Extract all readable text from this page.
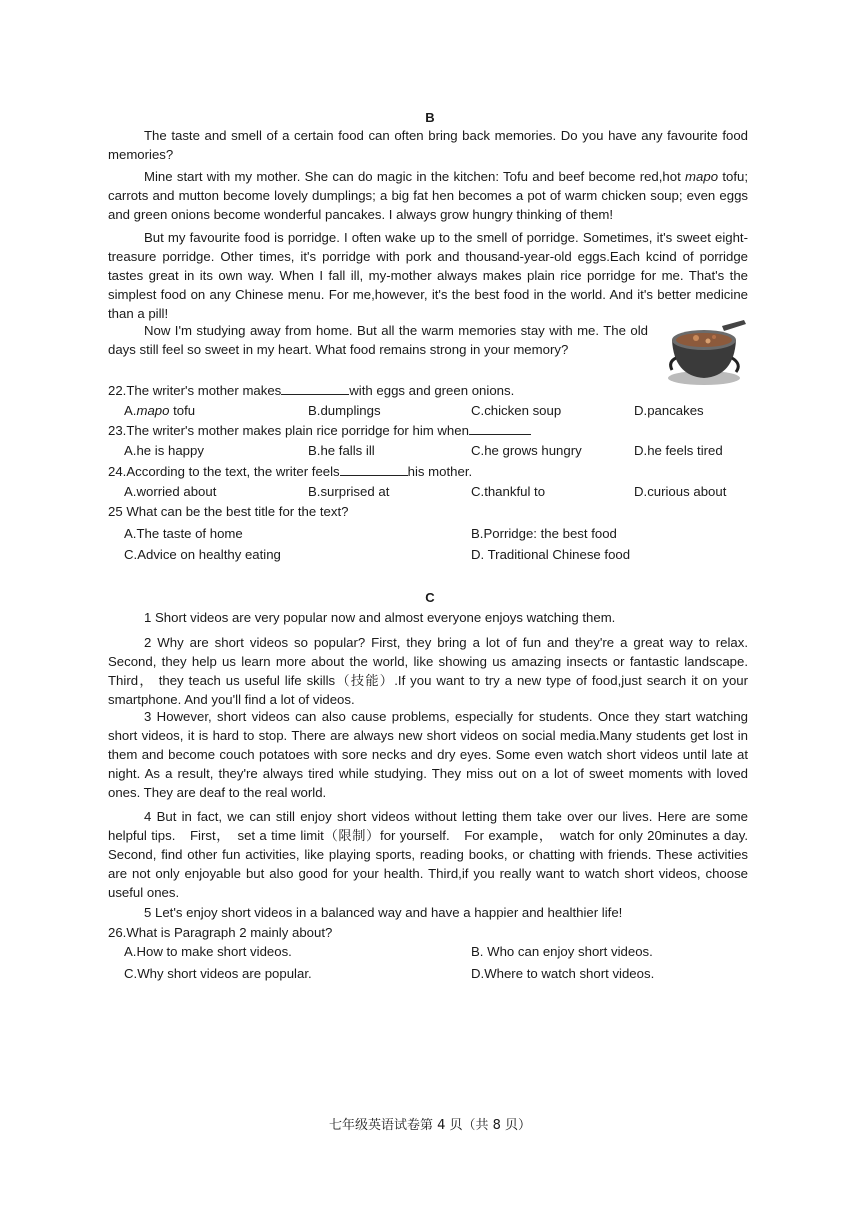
B

The taste and smell of a certain food can often bring back memories. Do you have any favourite food memories?

Mine start with my mother. She can do magic in the kitchen: Tofu and beef become red,hot mapo tofu; carrots and mutton become lovely dumplings; a big fat hen becomes a pot of warm chicken soup; even eggs and green onions become wonderful pancakes. I always grow hungry thinking of them!

But my favourite food is porridge. I often wake up to the smell of porridge. Sometimes, it's sweet eight-treasure porridge. Other times, it's porridge with pork and thousand-year-old eggs.Each kcind of porridge tastes great in its own way. When I fall ill, my-mother always makes plain rice porridge for me. That's the simplest food on any Chinese menu. For me,however, it's the best food in the world. And it's better medicine than a pill!

Now I'm studying away from home. But all the warm memories stay with me. The old days still feel so sweet in my heart. What food remains strong in your memory?

22.The writer's mother makes	with eggs and green onions.
A.mapo tofu	B.dumplings	C.chicken soup	D.pancakes
23.The writer's mother makes plain rice porridge for him when
A.he is happy	B.he falls ill	C.he grows hungry	D.he feels tired
24.According to the text, the writer feels	his mother.
A.worried about	B.surprised at	C.thankful to	D.curious about
25 What can be the best title for the text?
A.The taste of home	B.Porridge: the best food
C.Advice on healthy eating	D. Traditional Chinese food
C

1 Short videos are very popular now and almost everyone enjoys watching them.

2 Why are short videos so popular? First, they bring a lot of fun and they're a great way to relax. Second, they help us learn more about the world, like showing us amazing insects or fantastic landscape. Third， they teach us useful life skills（技能）.If you want to try a new type of food,just search it on your smartphone. And you'll find a lot of videos.

3 However, short videos can also cause problems, especially for students. Once they start watching short videos, it is hard to stop. There are always new short videos on social media.Many students get lost in them and become couch potatoes with sore necks and dry eyes. Some even watch short videos until late at night. As a result, they're always tired while studying. They miss out on a lot of sweet moments with loved ones. They are deaf to the real world.

4 But in fact, we can still enjoy short videos without letting them take over our lives. Here are some helpful tips.　First，　set a time limit（限制）for yourself.　For example，　watch for only 20minutes a day. Second, find other fun activities, like playing sports, reading books, or chatting with friends. These activities are not only enjoyable but also good for your health. Third,if you really want to watch short videos, choose useful ones.

5 Let's enjoy short videos in a balanced way and have a happier and healthier life!

26.What is Paragraph 2 mainly about?
A.How to make short videos.	B. Who can enjoy short videos.
C.Why short videos are popular.	D.Where to watch short videos.
七年级英语试卷第 4 贝（共 8 贝）
